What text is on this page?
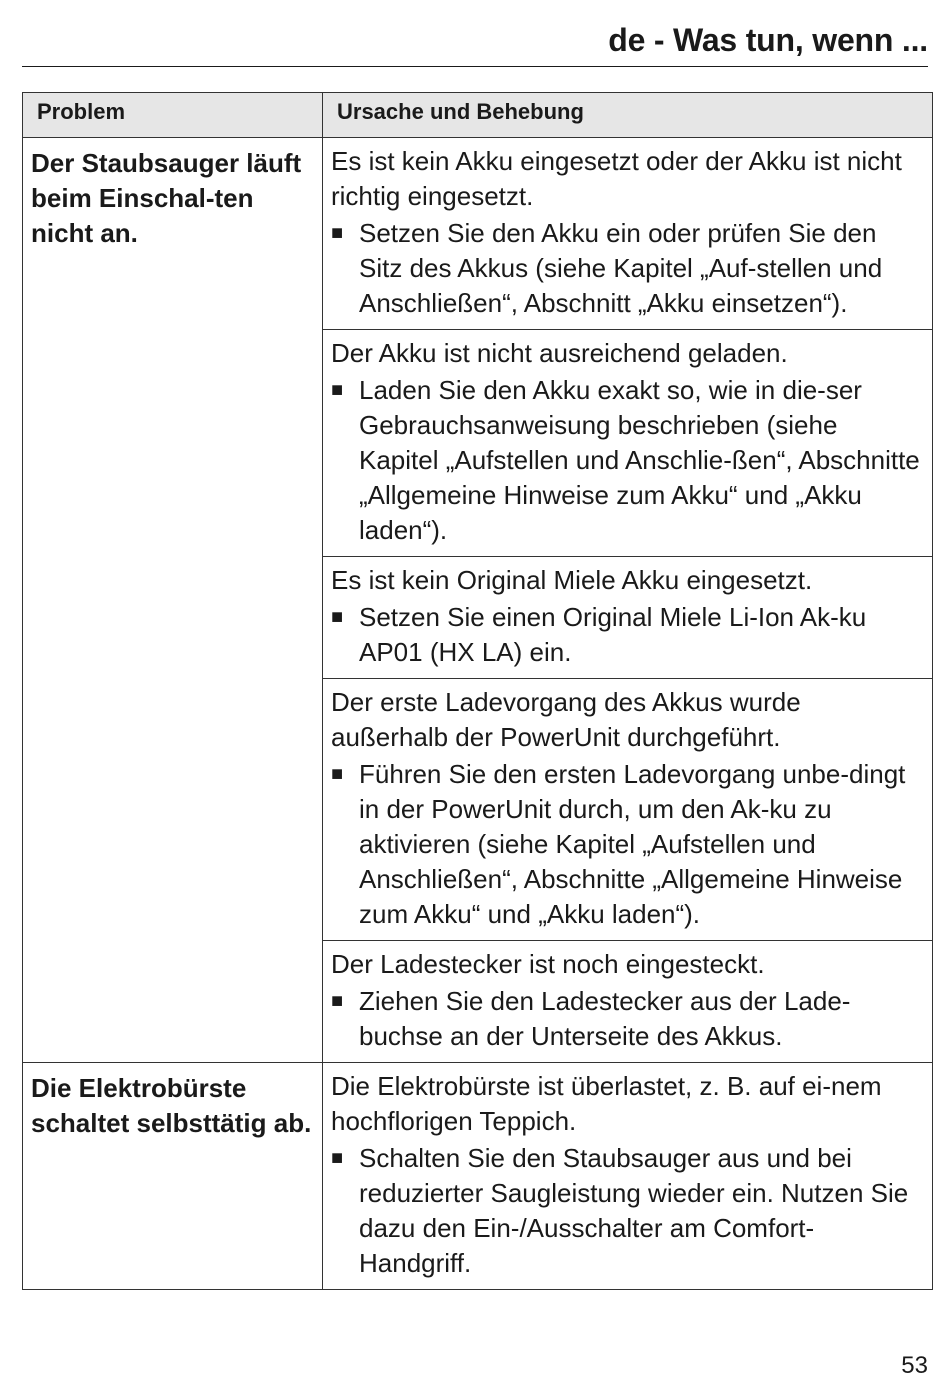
de - Was tun, wenn ...
Problem	Ursache und Behebung
Der Staubsauger läuft beim Einschal-ten nicht an.	Es ist kein Akku eingesetzt oder der Akku ist nicht richtig eingesetzt.

■ Setzen Sie den Akku ein oder prüfen Sie den Sitz des Akkus (siehe Kapitel „Auf-stellen und Anschließen“, Abschnitt „Akku einsetzen“).

	Der Akku ist nicht ausreichend geladen.

■ Laden Sie den Akku exakt so, wie in die-ser Gebrauchsanweisung beschrieben (siehe Kapitel „Aufstellen und Anschlie-ßen“, Abschnitte „Allgemeine Hinweise zum Akku“ und „Akku laden“).

	Es ist kein Original Miele Akku eingesetzt.

■ Setzen Sie einen Original Miele Li-Ion Ak-ku AP01 (HX LA) ein.

	Der erste Ladevorgang des Akkus wurde außerhalb der PowerUnit durchgeführt.

■ Führen Sie den ersten Ladevorgang unbe-dingt in der PowerUnit durch, um den Ak-ku zu aktivieren (siehe Kapitel „Aufstellen und Anschließen“, Abschnitte „Allgemeine Hinweise zum Akku“ und „Akku laden“).

	Der Ladestecker ist noch eingesteckt.

■ Ziehen Sie den Ladestecker aus der Lade-buchse an der Unterseite des Akkus.

Die Elektrobürste schaltet selbsttätig ab.	Die Elektrobürste ist überlastet, z. B. auf ei-nem hochflorigen Teppich.

■ Schalten Sie den Staubsauger aus und bei reduzierter Saugleistung wieder ein. Nutzen Sie dazu den Ein-/Ausschalter am Comfort-Handgriff.

53
